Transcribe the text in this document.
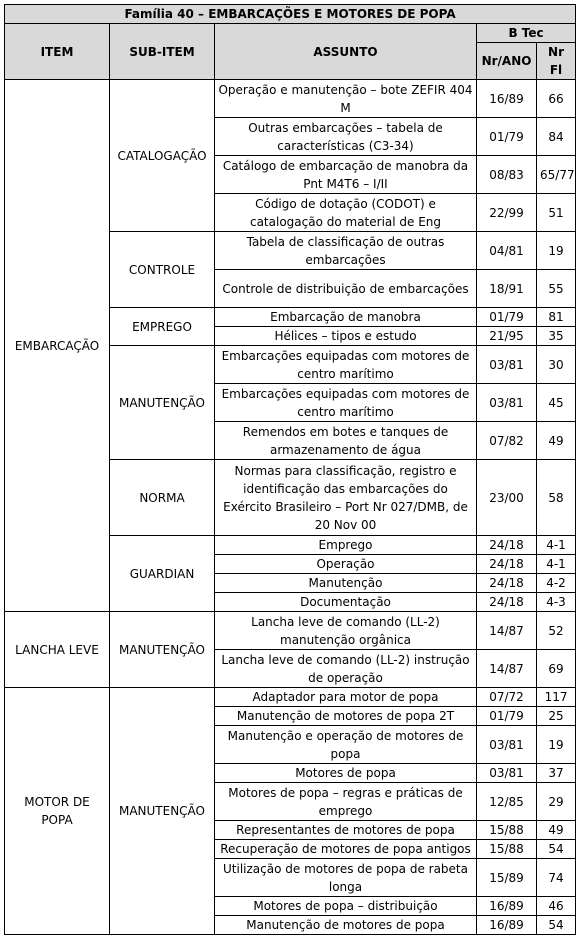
Família 40 – EMBARCAÇÕES E MOTORES DE POPA				
ITEM	SUB-ITEM	ASSUNTO	B Tec	
			Nr/ANO	Nr Fl
EMBARCAÇÃO	CATALOGAÇÃO	Operação e manutenção – bote ZEFIR 404 M	16/89	66
		Outras embarcações – tabela de características (C3-34)	01/79	84
		Catálogo de embarcação de manobra da Pnt M4T6 – I/II	08/83	65/77
		Código de dotação (CODOT) e catalogação do material de Eng	22/99	51
	CONTROLE	Tabela de classificação de outras embarcações	04/81	19
		Controle de distribuição de embarcações	18/91	55
	EMPREGO	Embarcação de manobra	01/79	81
		Hélices – tipos e estudo	21/95	35
	MANUTENÇÃO	Embarcações equipadas com motores de centro marítimo	03/81	30
		Embarcações equipadas com motores de centro marítimo	03/81	45
		Remendos em botes e tanques de armazenamento de água	07/82	49
	NORMA	Normas para classificação, registro e identificação das embarcações do Exército Brasileiro – Port Nr 027/DMB, de 20 Nov 00	23/00	58
	GUARDIAN	Emprego	24/18	4-1
		Operação	24/18	4-1
		Manutenção	24/18	4-2
		Documentação	24/18	4-3
LANCHA LEVE	MANUTENÇÃO	Lancha leve de comando (LL-2) manutenção orgânica	14/87	52
		Lancha leve de comando (LL-2) instrução de operação	14/87	69
MOTOR DE POPA	MANUTENÇÃO	Adaptador para motor de popa	07/72	117
		Manutenção de motores de popa 2T	01/79	25
		Manutenção e operação de motores de popa	03/81	19
		Motores de popa	03/81	37
		Motores de popa – regras e práticas de emprego	12/85	29
		Representantes de motores de popa	15/88	49
		Recuperação de motores de popa antigos	15/88	54
		Utilização de motores de popa de rabeta longa	15/89	74
		Motores de popa – distribuição	16/89	46
		Manutenção de motores de popa	16/89	54
